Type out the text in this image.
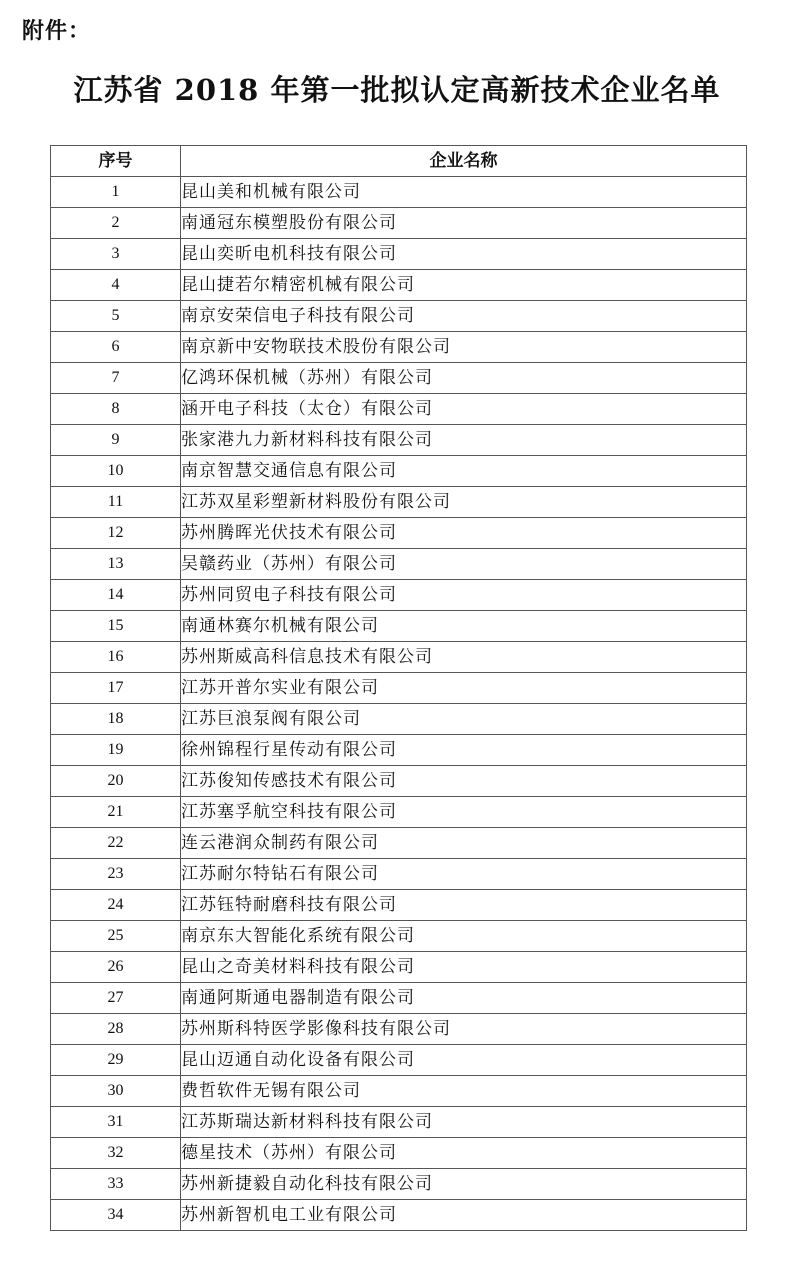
附件：
江苏省 2018 年第一批拟认定高新技术企业名单
序号	企业名称
1	昆山美和机械有限公司
2	南通冠东模塑股份有限公司
3	昆山奕昕电机科技有限公司
4	昆山捷若尔精密机械有限公司
5	南京安荣信电子科技有限公司
6	南京新中安物联技术股份有限公司
7	亿鸿环保机械（苏州）有限公司
8	涵开电子科技（太仓）有限公司
9	张家港九力新材料科技有限公司
10	南京智慧交通信息有限公司
11	江苏双星彩塑新材料股份有限公司
12	苏州腾晖光伏技术有限公司
13	吴赣药业（苏州）有限公司
14	苏州同贸电子科技有限公司
15	南通林赛尔机械有限公司
16	苏州斯威高科信息技术有限公司
17	江苏开普尔实业有限公司
18	江苏巨浪泵阀有限公司
19	徐州锦程行星传动有限公司
20	江苏俊知传感技术有限公司
21	江苏塞孚航空科技有限公司
22	连云港润众制药有限公司
23	江苏耐尔特钻石有限公司
24	江苏钰特耐磨科技有限公司
25	南京东大智能化系统有限公司
26	昆山之奇美材料科技有限公司
27	南通阿斯通电器制造有限公司
28	苏州斯科特医学影像科技有限公司
29	昆山迈通自动化设备有限公司
30	费哲软件无锡有限公司
31	江苏斯瑞达新材料科技有限公司
32	德星技术（苏州）有限公司
33	苏州新捷毅自动化科技有限公司
34	苏州新智机电工业有限公司
